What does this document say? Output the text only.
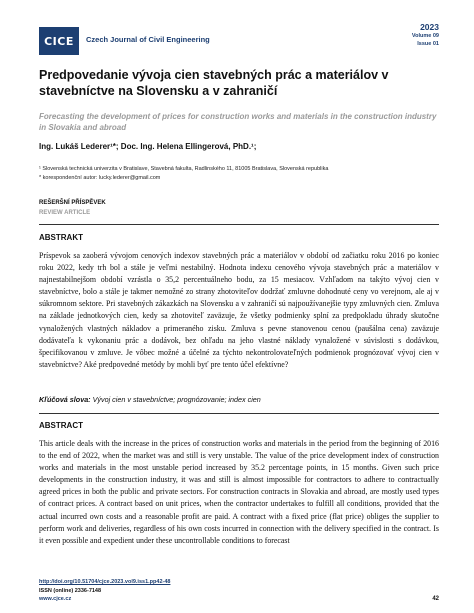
CICE Czech Journal of Civil Engineering
2023
Volume 09
Issue 01
Predpovedanie vývoja cien stavebných prác a materiálov v stavebníctve na Slovensku a v zahraničí
Forecasting the development of prices for construction works and materials in the construction industry in Slovakia and abroad
Ing. Lukáš Lederer¹*; Doc. Ing. Helena Ellingerová, PhD.¹;
¹ Slovenská technická univerzita v Bratislave, Stavebná fakulta, Radlinského 11, 81005 Bratislava, Slovenská republika
* korespondenční autor: lucky.lederer@gmail.com
REŠERŠNÍ PŘÍSPĚVEK
REVIEW ARTICLE
ABSTRAKT

Príspevok sa zaoberá vývojom cenových indexov stavebných prác a materiálov v období od začiatku roku 2016 po koniec roku 2022, kedy trh bol a stále je veľmi nestabilný. Hodnota indexu cenového vývoja stavebných prác a materiálov v najnestabilnejšom období vzrástla o 35,2 percentuálneho bodu, za 15 mesiacov. Vzhľadom na takýto vývoj cien v stavebníctve, bolo a stále je takmer nemožné zo strany zhotoviteľov dodržať zmluvne dohodnuté ceny vo verejnom, ale aj v súkromnom sektore. Pri stavebných zákazkách na Slovensku a v zahraničí sú najpoužívanejšie typy zmluvných cien. Zmluva na základe jednotkových cien, kedy sa zhotoviteľ zaväzuje, že všetky podmienky splní za predpokladu úhrady skutočne vynaložených vlastných nákladov a primeraného zisku. Zmluva s pevne stanovenou cenou (paušálna cena) zaväzuje dodávateľa k vykonaniu prác a dodávok, bez ohľadu na jeho vlastné náklady vynaložené v súvislosti s dodávkou, špecifikovanou v zmluve. Je vôbec možné a účelné za týchto nekontrolovateľných podmienok prognózovať vývoj cien v stavebníctve? Aké predpovedné metódy by mohli byť pre tento účel efektívne?

Kľúčová slova: Vývoj cien v stavebníctve; prognózovanie; index cien
ABSTRACT

This article deals with the increase in the prices of construction works and materials in the period from the beginning of 2016 to the end of 2022, when the market was and still is very unstable. The value of the price development index of construction works and materials in the most unstable period increased by 35.2 percentage points, in 15 months. Given such price developments in the construction industry, it was and still is almost impossible for contractors to adhere to contractually agreed prices in both the public and private sectors. For construction contracts in Slovakia and abroad, are mostly used types of contract prices. A contract based on unit prices, when the contractor undertakes to fulfill all conditions, provided that the actual incurred own costs and a reasonable profit are paid. A contract with a fixed price (flat price) obliges the supplier to perform work and deliveries, regardless of his own costs incurred in connection with the delivery specified in the contract. Is it even possible and expedient under these uncontrollable conditions to forecast

http://doi.org/10.51704/cjce.2023.vol9.iss1.pp42-48
ISSN (online) 2336-7148
www.cjce.cz	42
